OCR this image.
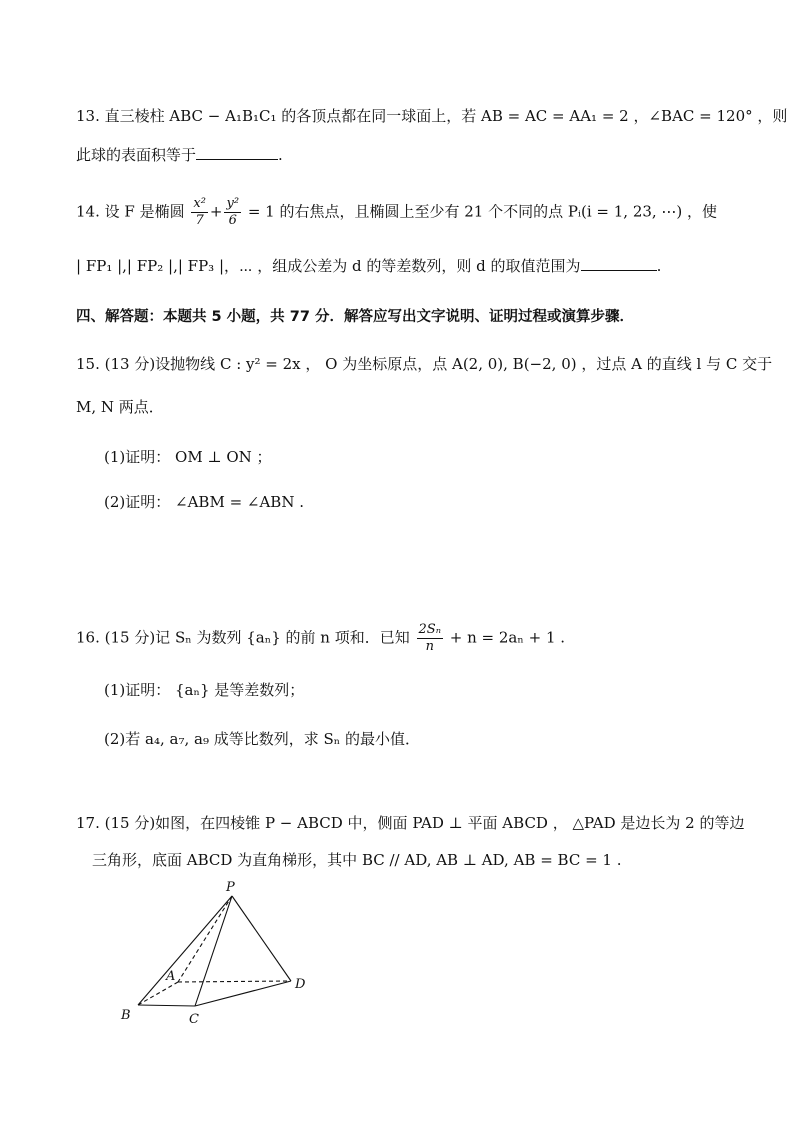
13. 直三棱柱 ABC − A₁B₁C₁ 的各顶点都在同一球面上，若 AB = AC = AA₁ = 2 ，∠BAC = 120° ，则
此球的表面积等于	.
14. 设 F 是椭圆 $\frac{\text{x²}}{7} + \frac{\text{y²}}{6} = 1$ 的右焦点，且椭圆上至少有 21 个不同的点 Pᵢ(i = 1, 23, ⋯) ，使
| FP₁ |,| FP₂ |,| FP₃ |，⋯ ，组成公差为 d 的等差数列，则 d 的取值范围为	.
四、解答题：本题共 5 小题，共 77 分．解答应写出文字说明、证明过程或演算步骤．
15. (13 分)设抛物线 C : y² = 2x ， O 为坐标原点，点 A(2, 0), B(−2, 0) ，过点 A 的直线 l 与 C 交于
M, N 两点．
(1)证明： OM ⊥ ON ；
(2)证明： ∠ABM = ∠ABN .
16. (15 分)记 Sₙ 为数列 {aₙ} 的前 n 项和．已知 $\frac{\text{2Sₙ}}{n} + n = 2a_n + 1$ .
(1)证明： {aₙ} 是等差数列；
(2)若 a₄, a₇, a₉ 成等比数列，求 Sₙ 的最小值．
17. (15 分)如图，在四棱锥 P − ABCD 中，侧面 PAD ⊥ 平面 ABCD ， △PAD 是边长为 2 的等边
三角形，底面 ABCD 为直角梯形，其中 BC // AD, AB ⊥ AD, AB = BC = 1 .
P
A
B	C
D
